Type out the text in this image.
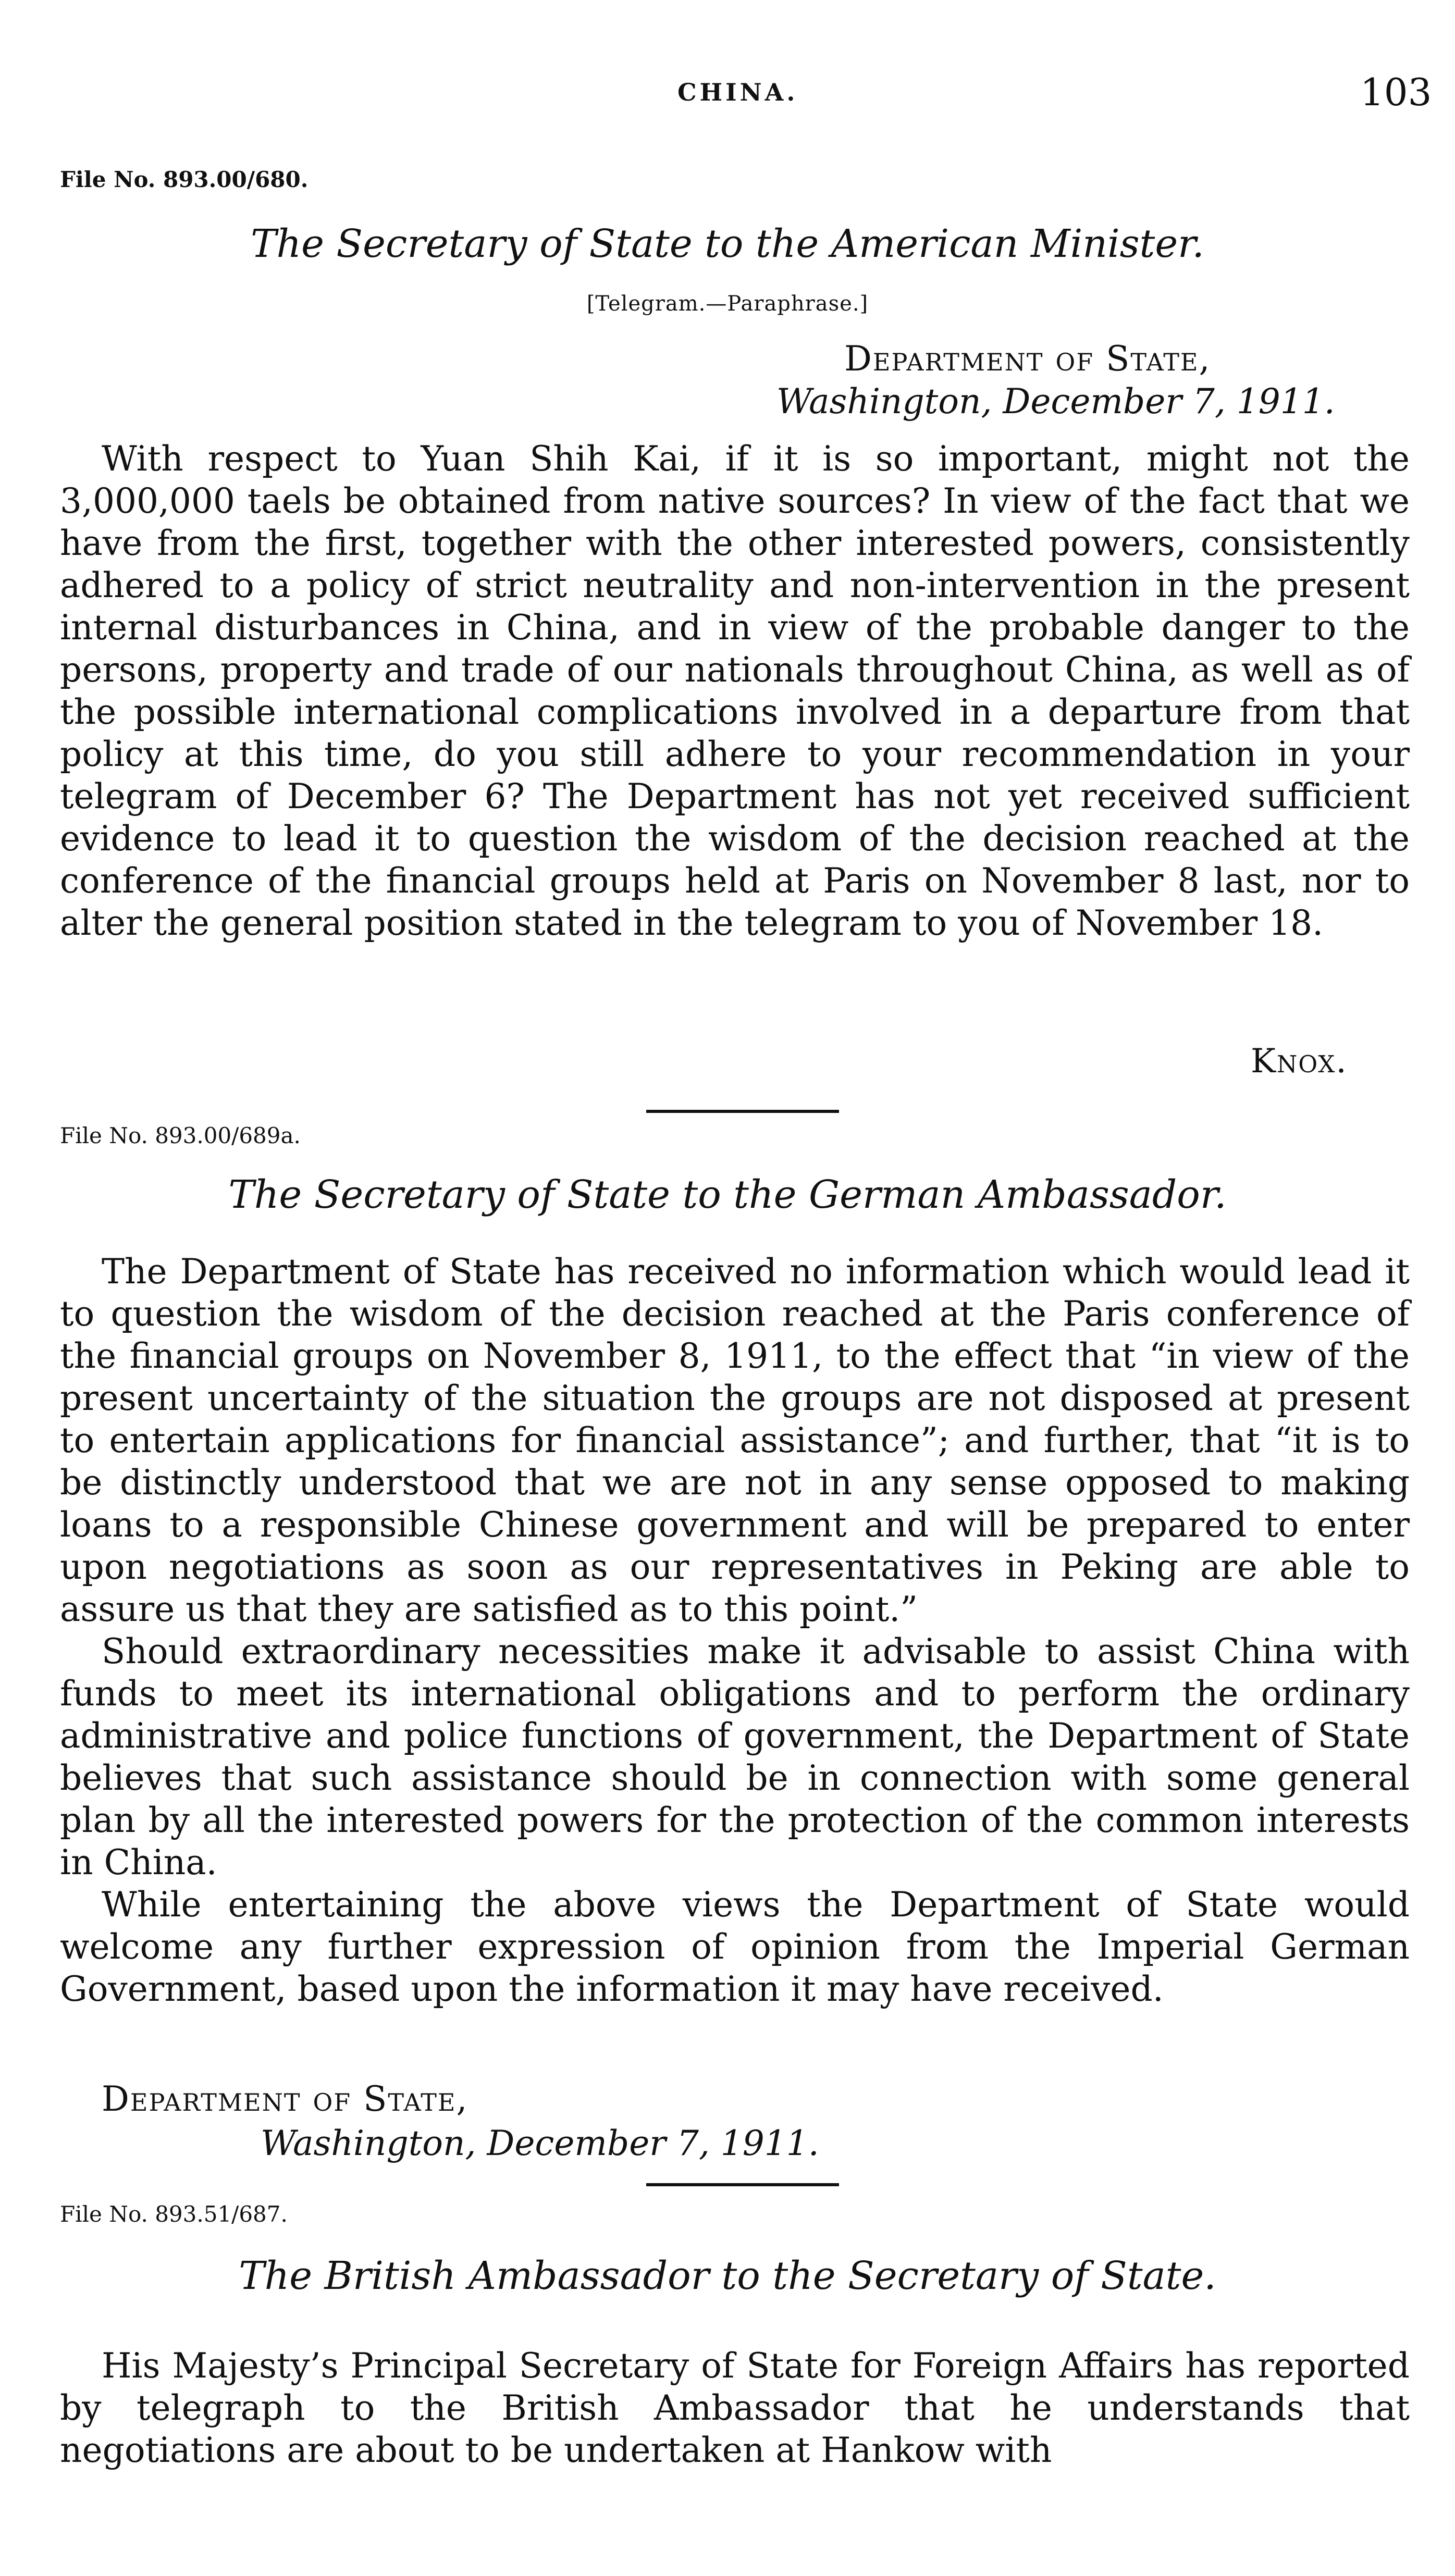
CHINA.	103
File No. 893.00/680.
The Secretary of State to the American Minister.
[Telegram.—Paraphrase.]
Department of State,
Washington, December 7, 1911.

With respect to Yuan Shih Kai, if it is so important, might not the 3,000,000 taels be obtained from native sources? In view of the fact that we have from the first, together with the other interested powers, consistently adhered to a policy of strict neutrality and non-intervention in the present internal disturbances in China, and in view of the probable danger to the persons, property and trade of our nationals throughout China, as well as of the possible international complications involved in a departure from that policy at this time, do you still adhere to your recommendation in your telegram of December 6? The Department has not yet received sufficient evidence to lead it to question the wisdom of the decision reached at the conference of the financial groups held at Paris on November 8 last, nor to alter the general position stated in the telegram to you of November 18.

Knox.
File No. 893.00/689a.
The Secretary of State to the German Ambassador.

The Department of State has received no information which would lead it to question the wisdom of the decision reached at the Paris conference of the financial groups on November 8, 1911, to the effect that “in view of the present uncertainty of the situation the groups are not disposed at present to entertain applications for financial assistance”; and further, that “it is to be distinctly understood that we are not in any sense opposed to making loans to a responsible Chinese government and will be prepared to enter upon negotiations as soon as our representatives in Peking are able to assure us that they are satisfied as to this point.”

Should extraordinary necessities make it advisable to assist China with funds to meet its international obligations and to perform the ordinary administrative and police functions of government, the Department of State believes that such assistance should be in connection with some general plan by all the interested powers for the protection of the common interests in China.

While entertaining the above views the Department of State would welcome any further expression of opinion from the Imperial German Government, based upon the information it may have received.

Department of State,
Washington, December 7, 1911.
File No. 893.51/687.
The British Ambassador to the Secretary of State.

His Majesty’s Principal Secretary of State for Foreign Affairs has reported by telegraph to the British Ambassador that he understands that negotiations are about to be undertaken at Hankow with
